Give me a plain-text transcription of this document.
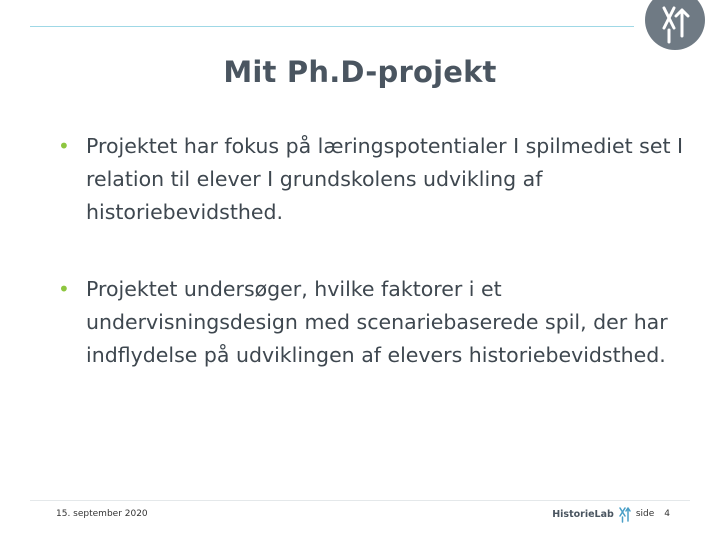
Mit Ph.D-projekt
• Projektet har fokus på læringspotentialer I spilmediet set I relation til elever I grundskolens udvikling af historiebevidsthed.
• Projektet undersøger, hvilke faktorer i et undervisningsdesign med scenariebaserede spil, der har indflydelse på udviklingen af elevers historiebevidsthed.
15. september 2020	HistorieLab side 4
